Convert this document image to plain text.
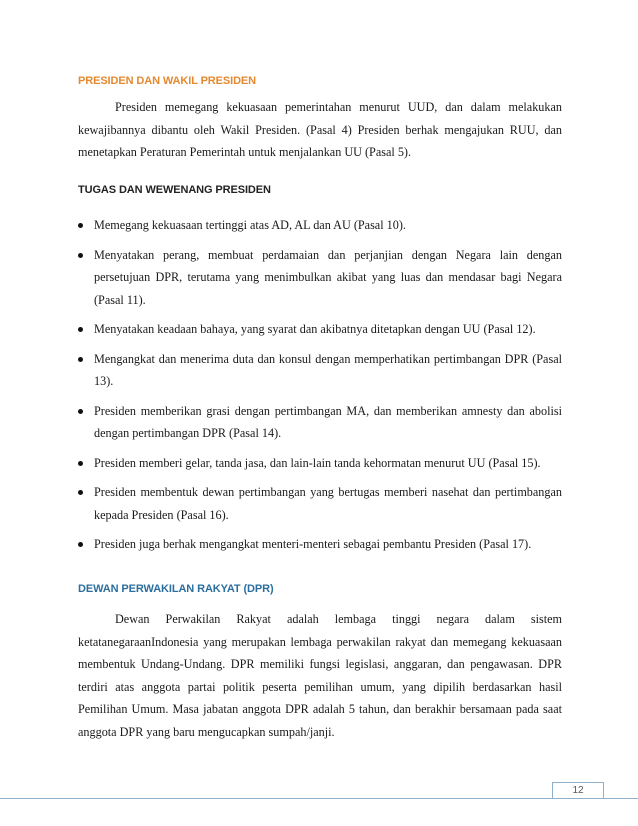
PRESIDEN DAN WAKIL PRESIDEN

Presiden memegang kekuasaan pemerintahan menurut UUD, dan dalam melakukan kewajibannya dibantu oleh Wakil Presiden. (Pasal 4) Presiden berhak mengajukan RUU, dan menetapkan Peraturan Pemerintah untuk menjalankan UU (Pasal 5).

TUGAS DAN WEWENANG PRESIDEN
Memegang kekuasaan tertinggi atas AD, AL dan AU (Pasal 10).
Menyatakan perang, membuat perdamaian dan perjanjian dengan Negara lain dengan persetujuan DPR, terutama yang menimbulkan akibat yang luas dan mendasar bagi Negara (Pasal 11).
Menyatakan keadaan bahaya, yang syarat dan akibatnya ditetapkan dengan UU (Pasal 12).
Mengangkat dan menerima duta dan konsul dengan memperhatikan pertimbangan DPR (Pasal 13).
Presiden memberikan grasi dengan pertimbangan MA, dan memberikan amnesty dan abolisi dengan pertimbangan DPR (Pasal 14).
Presiden memberi gelar, tanda jasa, dan lain-lain tanda kehormatan menurut UU (Pasal 15).
Presiden membentuk dewan pertimbangan yang bertugas memberi nasehat dan pertimbangan kepada Presiden (Pasal 16).
Presiden juga berhak mengangkat menteri-menteri sebagai pembantu Presiden (Pasal 17).
DEWAN PERWAKILAN RAKYAT (DPR)

Dewan Perwakilan Rakyat adalah lembaga tinggi negara dalam sistem ketatanegaraanIndonesia yang merupakan lembaga perwakilan rakyat dan memegang kekuasaan membentuk Undang-Undang. DPR memiliki fungsi legislasi, anggaran, dan pengawasan. DPR terdiri atas anggota partai politik peserta pemilihan umum, yang dipilih berdasarkan hasil Pemilihan Umum. Masa jabatan anggota DPR adalah 5 tahun, dan berakhir bersamaan pada saat anggota DPR yang baru mengucapkan sumpah/janji.

12
